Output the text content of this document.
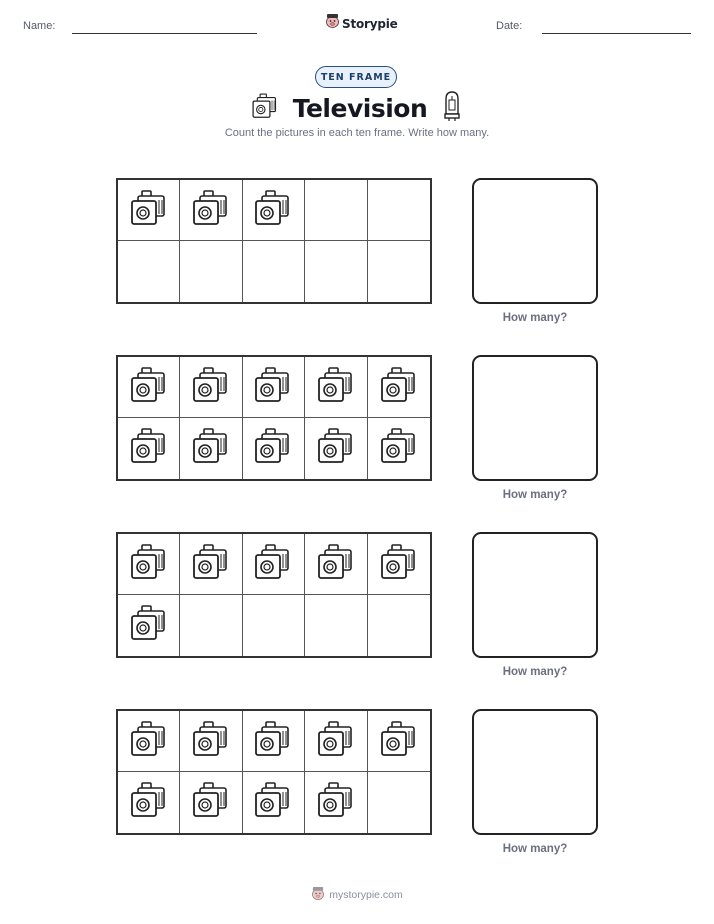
Name:	Storypie	Date:
TEN FRAME
Television
Count the pictures in each ten frame. Write how many.
How many?
How many?
How many?
How many?
mystorypie.com
